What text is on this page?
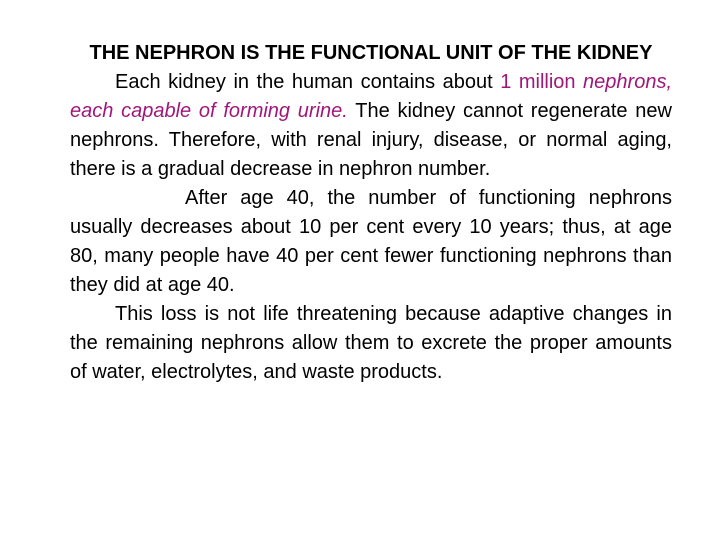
THE NEPHRON IS THE FUNCTIONAL UNIT OF THE KIDNEY

Each kidney in the human contains about 1 million nephrons, each capable of forming urine. The kidney cannot regenerate new nephrons. Therefore, with renal injury, disease, or normal aging, there is a gradual decrease in nephron number.

After age 40, the number of functioning nephrons usually decreases about 10 per cent every 10 years; thus, at age 80, many people have 40 per cent fewer functioning nephrons than they did at age 40.

This loss is not life threatening because adaptive changes in the remaining nephrons allow them to excrete the proper amounts of water, electrolytes, and waste products.
